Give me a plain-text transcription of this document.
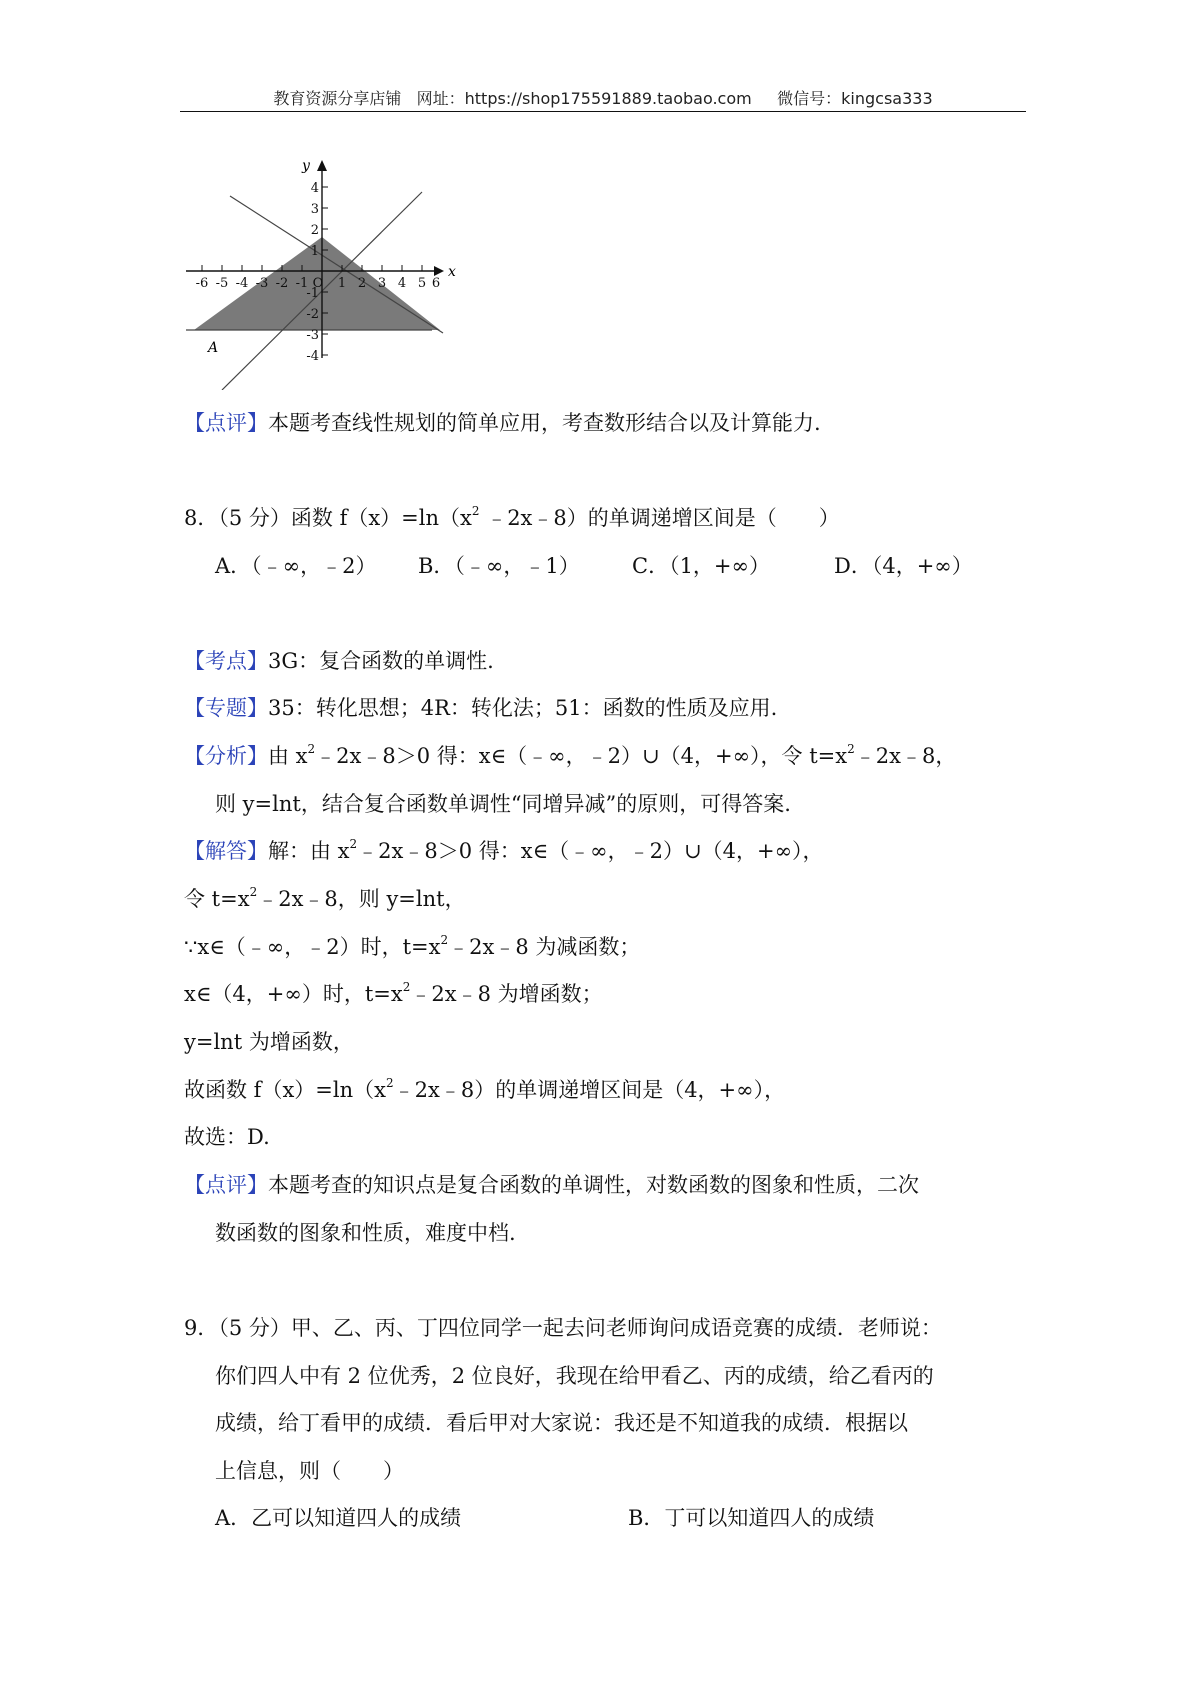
教育资源分享店铺   网址：https://shop175591889.taobao.com     微信号：kingcsa333
x
y
-6 -5 -4 -3 -2 -1 O 1 2 3 4 5 6
4
3
2
1
-1
-2
-3
-4
A
【点评】本题考查线性规划的简单应用，考查数形结合以及计算能力.
8．（5 分）函数 $f(x)=\ln(x^2$ ﹣2x﹣8）的单调递增区间是（　　）
A．（﹣∞，﹣2） B．（﹣∞，﹣1） C．（1，+∞）	D．（4，+∞）
【考点】3G：复合函数的单调性.
【专题】35：转化思想；4R：转化法；51：函数的性质及应用.
【分析】由 $x^2﹣2x﹣8>0$ 得：x∈（﹣∞，﹣2）∪（4，+∞），令 $t=x^2﹣2x﹣8$，
则 y=lnt，结合复合函数单调性“同增异减”的原则，可得答案.
【解答】解：由 $x^2﹣2x﹣8>0$ 得：x∈（﹣∞，﹣2）∪（4，+∞），
令 $t=x^2﹣2x﹣8$，则 y=lnt，
∵x∈（﹣∞，﹣2）时，$t=x^2﹣2x﹣8$ 为减函数；
x∈（4，+∞）时，$t=x^2﹣2x﹣8$ 为增函数；
y=lnt 为增函数，
故函数 $f(x)=\ln(x^2﹣2x﹣8)$的单调递增区间是（4，+∞），
故选：D.
【点评】本题考查的知识点是复合函数的单调性，对数函数的图象和性质，二次
数函数的图象和性质，难度中档.
9．（5 分）甲、乙、丙、丁四位同学一起去问老师询问成语竞赛的成绩．老师说：
你们四人中有 2 位优秀，2 位良好，我现在给甲看乙、丙的成绩，给乙看丙的
成绩，给丁看甲的成绩．看后甲对大家说：我还是不知道我的成绩．根据以
上信息，则（　　）
A．乙可以知道四人的成绩	B．丁可以知道四人的成绩
